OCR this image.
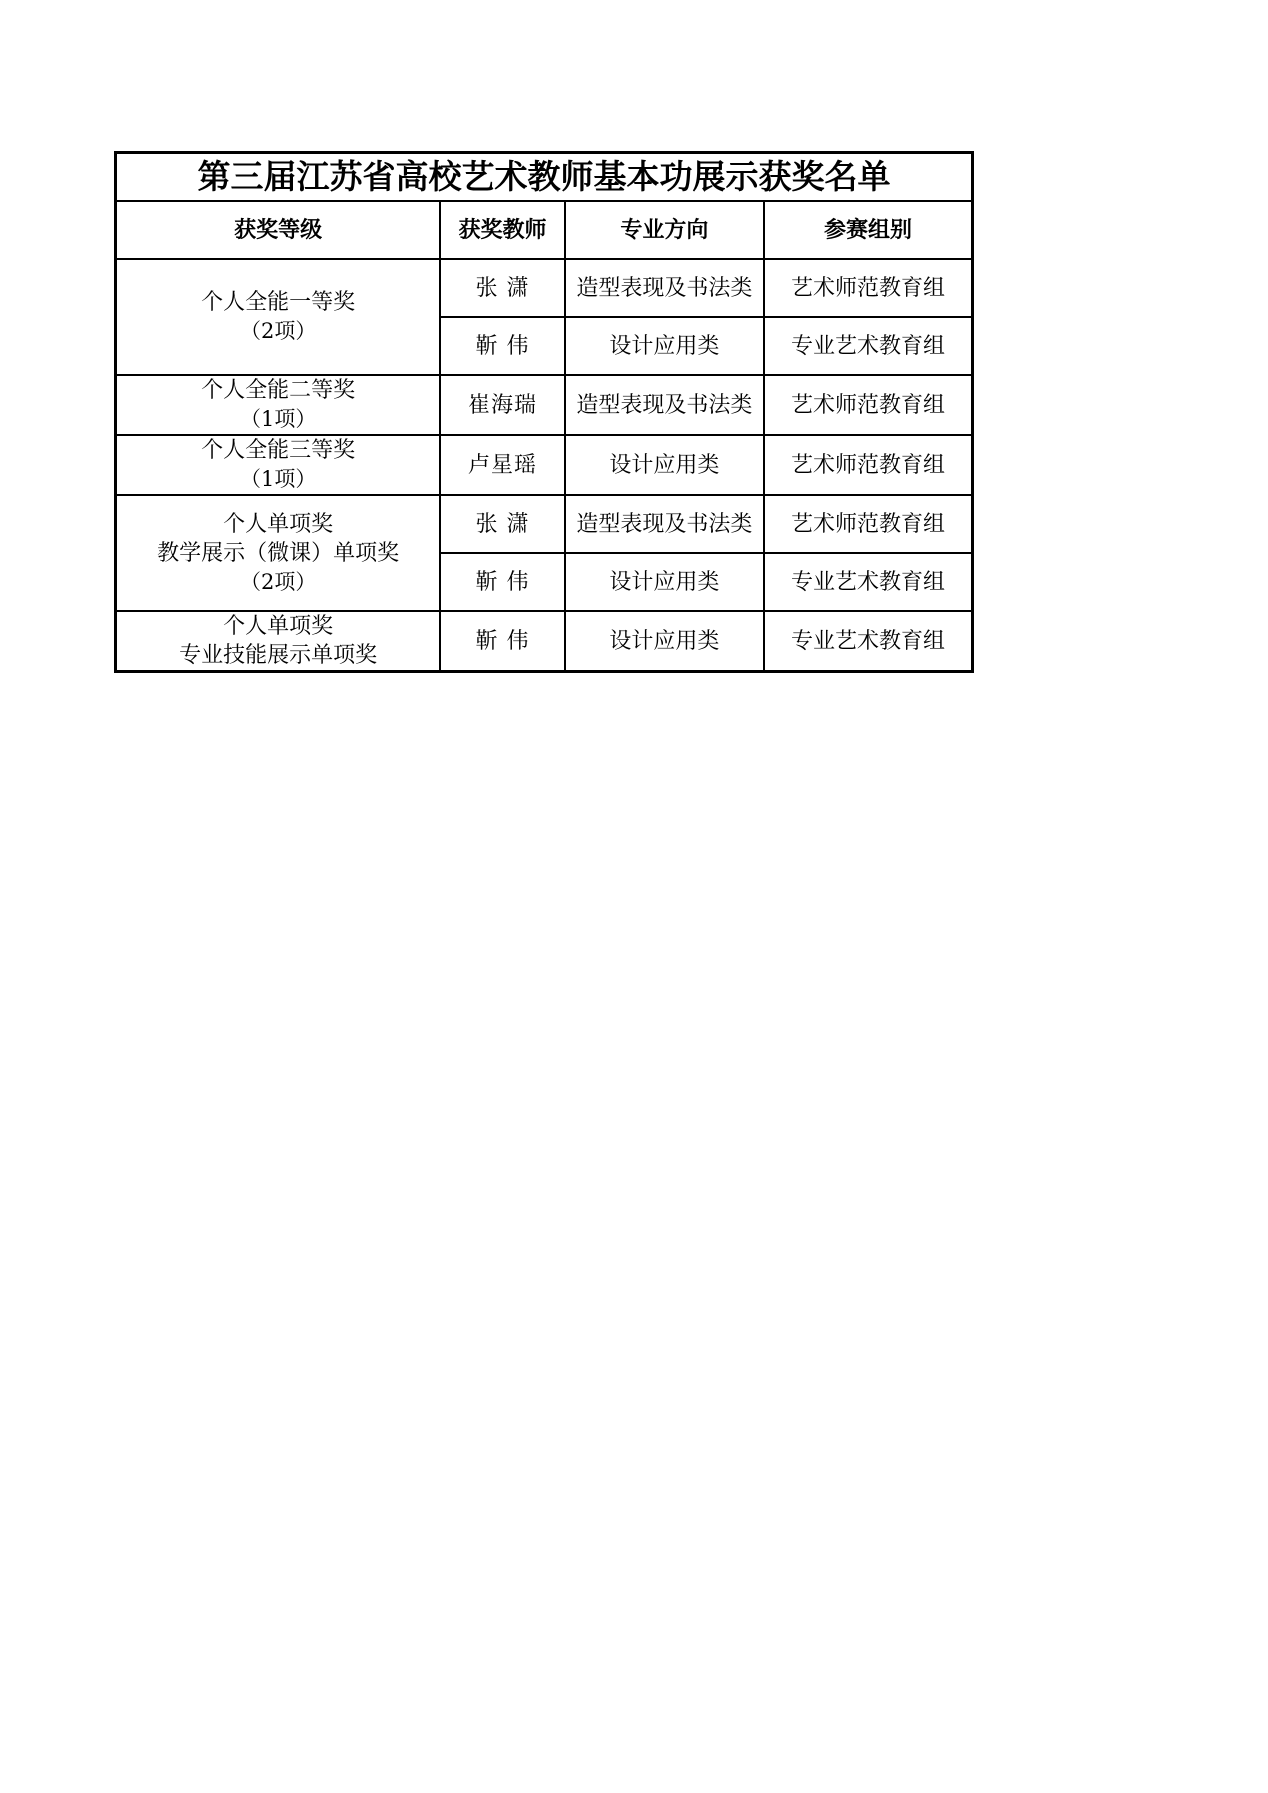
第三届江苏省高校艺术教师基本功展示获奖名单			
获奖等级	获奖教师	专业方向	参赛组别

个人全能一等奖
（2项）	张 潇	造型表现及书法类	艺术师范教育组
	靳 伟	设计应用类	专业艺术教育组

个人全能二等奖
（1项）	崔海瑞	造型表现及书法类	艺术师范教育组

个人全能三等奖
（1项）	卢星瑶	设计应用类	艺术师范教育组

个人单项奖
教学展示（微课）单项奖
（2项）	张 潇	造型表现及书法类	艺术师范教育组
	靳 伟	设计应用类	专业艺术教育组

个人单项奖
专业技能展示单项奖	靳 伟	设计应用类	专业艺术教育组
